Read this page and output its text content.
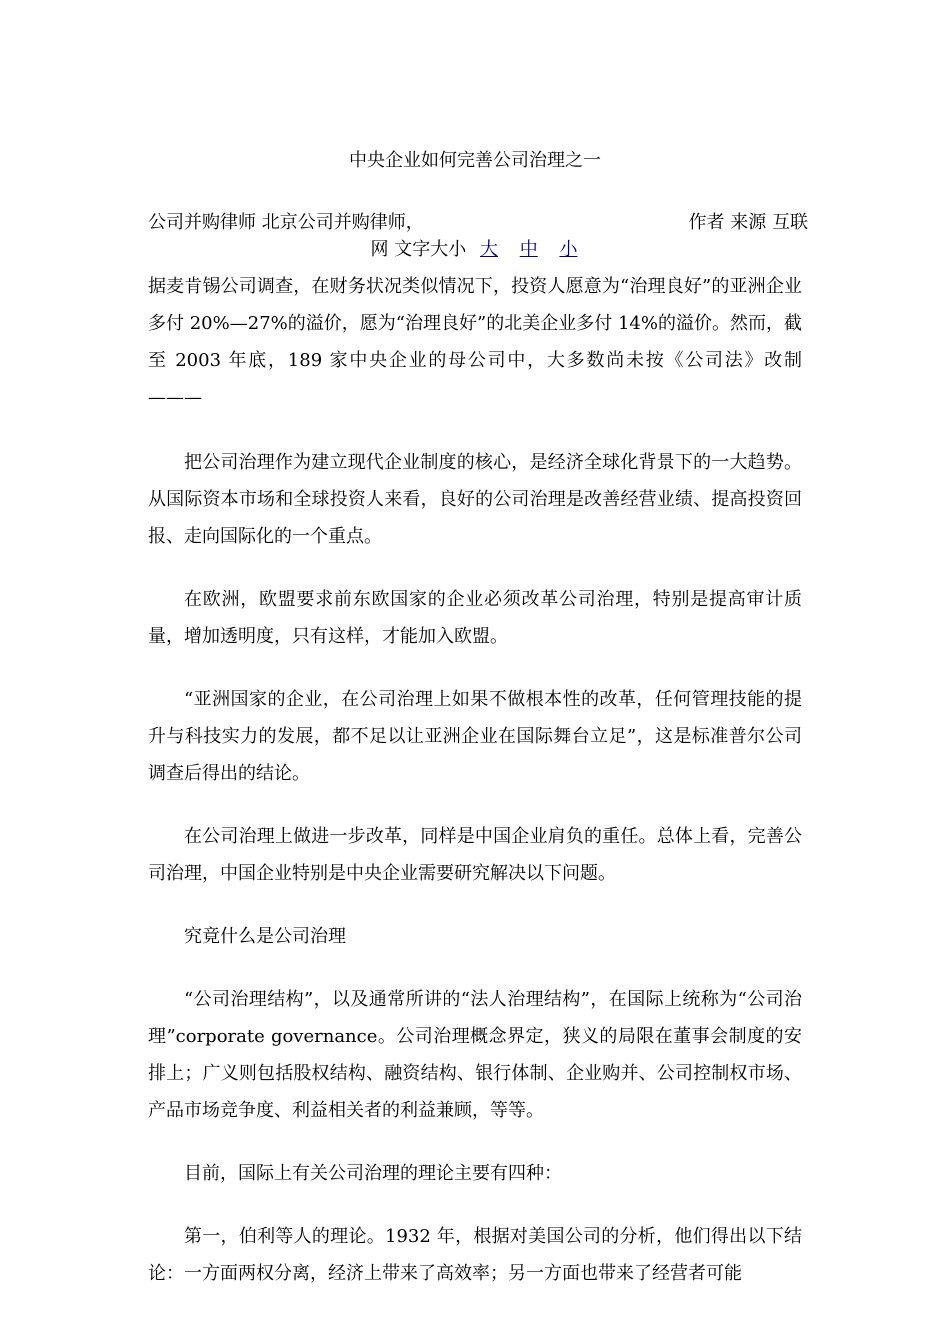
中央企业如何完善公司治理之一
公司并购律师 北京公司并购律师，	作者 来源 互联
网 文字大小 大 中 小

据麦肯锡公司调查，在财务状况类似情况下，投资人愿意为“治理良好”的亚洲企业多付 20%—27%的溢价，愿为“治理良好”的北美企业多付 14%的溢价。然而，截至 2003 年底，189 家中央企业的母公司中，大多数尚未按《公司法》改制———

把公司治理作为建立现代企业制度的核心，是经济全球化背景下的一大趋势。从国际资本市场和全球投资人来看，良好的公司治理是改善经营业绩、提高投资回报、走向国际化的一个重点。

在欧洲，欧盟要求前东欧国家的企业必须改革公司治理，特别是提高审计质量，增加透明度，只有这样，才能加入欧盟。

“亚洲国家的企业，在公司治理上如果不做根本性的改革，任何管理技能的提升与科技实力的发展，都不足以让亚洲企业在国际舞台立足”，这是标准普尔公司调查后得出的结论。

在公司治理上做进一步改革，同样是中国企业肩负的重任。总体上看，完善公司治理，中国企业特别是中央企业需要研究解决以下问题。

究竟什么是公司治理

“公司治理结构”，以及通常所讲的“法人治理结构”，在国际上统称为“公司治理”corporate governance。公司治理概念界定，狭义的局限在董事会制度的安排上；广义则包括股权结构、融资结构、银行体制、企业购并、公司控制权市场、产品市场竞争度、利益相关者的利益兼顾，等等。

目前，国际上有关公司治理的理论主要有四种：

第一，伯利等人的理论。1932 年，根据对美国公司的分析，他们得出以下结论：一方面两权分离，经济上带来了高效率；另一方面也带来了经营者可能
